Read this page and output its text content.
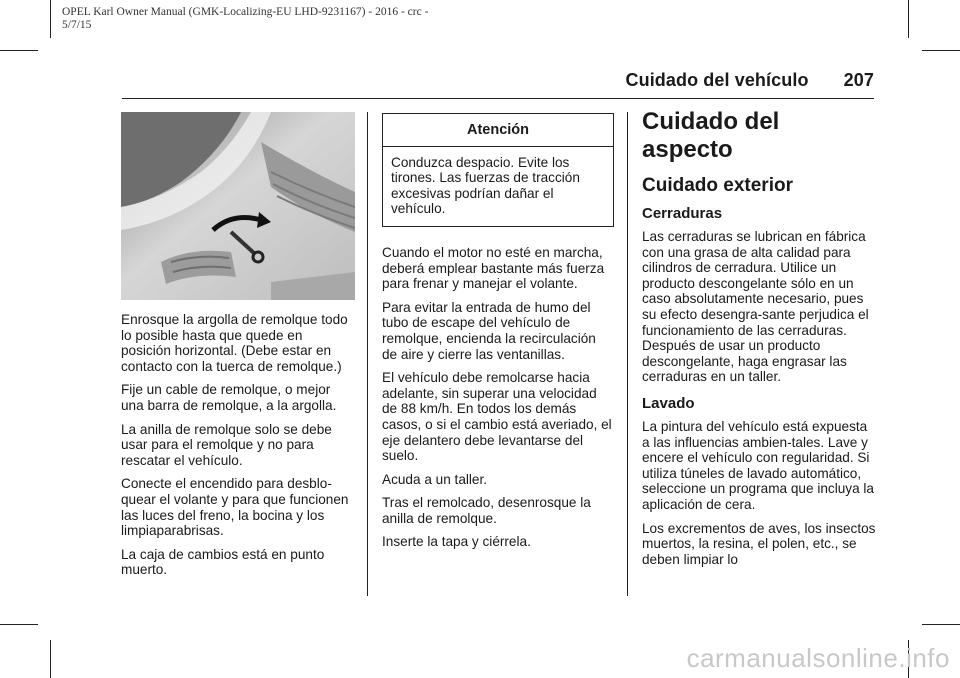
OPEL Karl Owner Manual (GMK-Localizing-EU LHD-9231167) - 2016 - crc -
5/7/15
Cuidado del vehículo 207

Enrosque la argolla de remolque todo lo posible hasta que quede en posición horizontal. (Debe estar en contacto con la tuerca de remolque.)

Fije un cable de remolque, o mejor una barra de remolque, a la argolla.

La anilla de remolque solo se debe usar para el remolque y no para rescatar el vehículo.

Conecte el encendido para desblo-quear el volante y para que funcionen las luces del freno, la bocina y los limpiaparabrisas.

La caja de cambios está en punto muerto.

Atención
Conduzca despacio. Evite los tirones. Las fuerzas de tracción excesivas podrían dañar el vehículo.

Cuando el motor no esté en marcha, deberá emplear bastante más fuerza para frenar y manejar el volante.

Para evitar la entrada de humo del tubo de escape del vehículo de remolque, encienda la recirculación de aire y cierre las ventanillas.

El vehículo debe remolcarse hacia adelante, sin superar una velocidad de 88 km/h. En todos los demás casos, o si el cambio está averiado, el eje delantero debe levantarse del suelo.

Acuda a un taller.

Tras el remolcado, desenrosque la anilla de remolque.

Inserte la tapa y ciérrela.

Cuidado del aspecto
Cuidado exterior
Cerraduras

Las cerraduras se lubrican en fábrica con una grasa de alta calidad para cilindros de cerradura. Utilice un producto descongelante sólo en un caso absolutamente necesario, pues su efecto desengra-sante perjudica el funcionamiento de las cerraduras. Después de usar un producto descongelante, haga engrasar las cerraduras en un taller.

Lavado

La pintura del vehículo está expuesta a las influencias ambien-tales. Lave y encere el vehículo con regularidad. Si utiliza túneles de lavado automático, seleccione un programa que incluya la aplicación de cera.

Los excrementos de aves, los insectos muertos, la resina, el polen, etc., se deben limpiar lo

carmanualsonline.info
